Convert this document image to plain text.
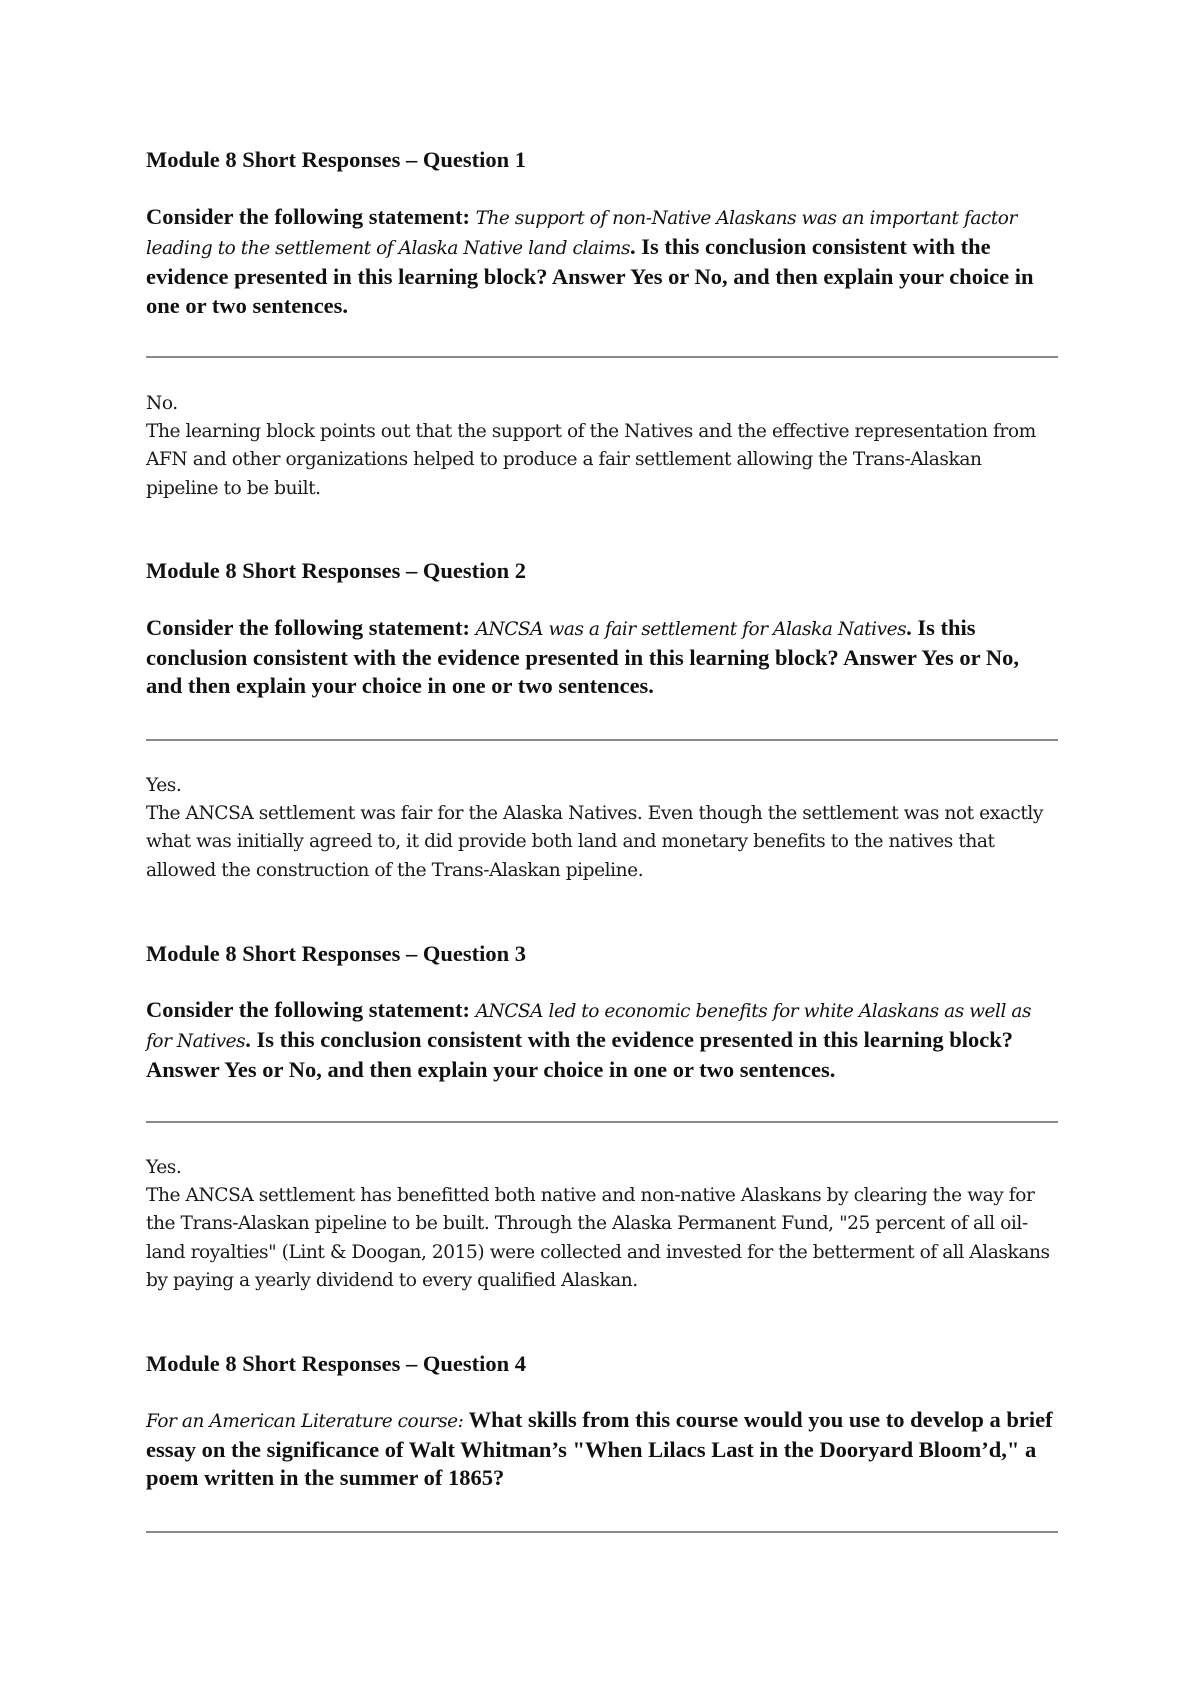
Module 8 Short Responses – Question 1
Consider the following statement: The support of non-Native Alaskans was an important factor leading to the settlement of Alaska Native land claims. Is this conclusion consistent with the evidence presented in this learning block? Answer Yes or No, and then explain your choice in one or two sentences.
No.
The learning block points out that the support of the Natives and the effective representation from AFN and other organizations helped to produce a fair settlement allowing the Trans-Alaskan pipeline to be built.
Module 8 Short Responses – Question 2
Consider the following statement: ANCSA was a fair settlement for Alaska Natives. Is this conclusion consistent with the evidence presented in this learning block? Answer Yes or No, and then explain your choice in one or two sentences.
Yes.
The ANCSA settlement was fair for the Alaska Natives. Even though the settlement was not exactly what was initially agreed to, it did provide both land and monetary benefits to the natives that allowed the construction of the Trans-Alaskan pipeline.
Module 8 Short Responses – Question 3
Consider the following statement: ANCSA led to economic benefits for white Alaskans as well as for Natives. Is this conclusion consistent with the evidence presented in this learning block? Answer Yes or No, and then explain your choice in one or two sentences.
Yes.
The ANCSA settlement has benefitted both native and non-native Alaskans by clearing the way for the Trans-Alaskan pipeline to be built. Through the Alaska Permanent Fund, "25 percent of all oil-land royalties" (Lint & Doogan, 2015) were collected and invested for the betterment of all Alaskans by paying a yearly dividend to every qualified Alaskan.
Module 8 Short Responses – Question 4
For an American Literature course: What skills from this course would you use to develop a brief essay on the significance of Walt Whitman’s "When Lilacs Last in the Dooryard Bloom’d," a poem written in the summer of 1865?
